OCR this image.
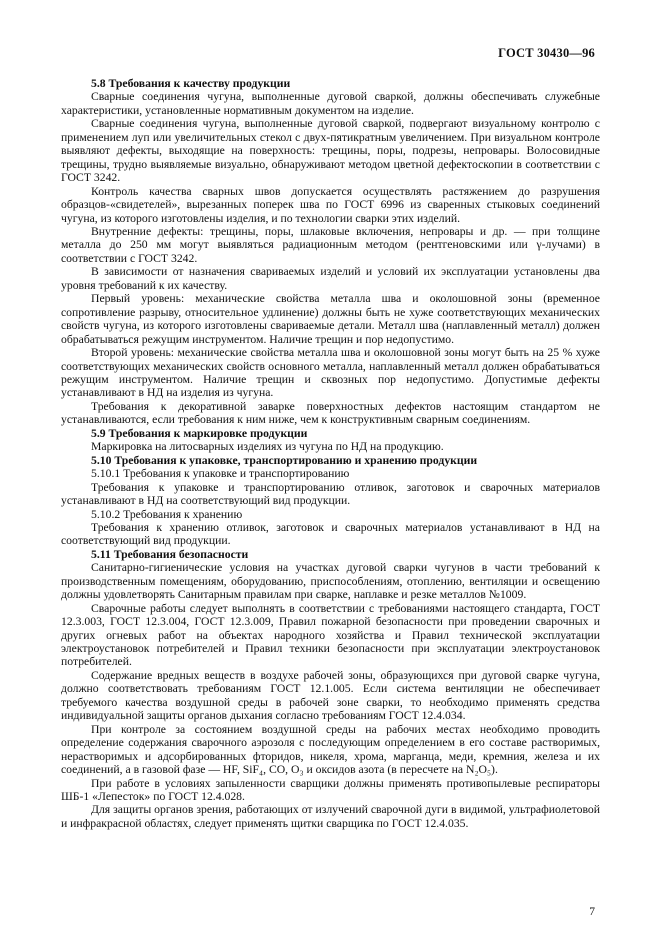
ГОСТ 30430—96

5.8 Требования к качеству продукции

Сварные соединения чугуна, выполненные дуговой сваркой, должны обеспечивать служебные характеристики, установленные нормативным документом на изделие.

Сварные соединения чугуна, выполненные дуговой сваркой, подвергают визуальному контролю с применением луп или увеличительных стекол с двух-пятикратным увеличением. При визуальном контроле выявляют дефекты, выходящие на поверхность: трещины, поры, подрезы, непровары. Волосовидные трещины, трудно выявляемые визуально, обнаруживают методом цветной дефектоскопии в соответствии с ГОСТ 3242.

Контроль качества сварных швов допускается осуществлять растяжением до разрушения образцов-«свидетелей», вырезанных поперек шва по ГОСТ 6996 из сваренных стыковых соединений чугуна, из которого изготовлены изделия, и по технологии сварки этих изделий.

Внутренние дефекты: трещины, поры, шлаковые включения, непровары и др. — при толщине металла до 250 мм могут выявляться радиационным методом (рентгеновскими или γ-лучами) в соответствии с ГОСТ 3242.

В зависимости от назначения свариваемых изделий и условий их эксплуатации установлены два уровня требований к их качеству.

Первый уровень: механические свойства металла шва и околошовной зоны (временное сопротивление разрыву, относительное удлинение) должны быть не хуже соответствующих механических свойств чугуна, из которого изготовлены свариваемые детали. Металл шва (наплавленный металл) должен обрабатываться режущим инструментом. Наличие трещин и пор недопустимо.

Второй уровень: механические свойства металла шва и околошовной зоны могут быть на 25 % хуже соответствующих механических свойств основного металла, наплавленный металл должен обрабатываться режущим инструментом. Наличие трещин и сквозных пор недопустимо. Допустимые дефекты устанавливают в НД на изделия из чугуна.

Требования к декоративной заварке поверхностных дефектов настоящим стандартом не устанавливаются, если требования к ним ниже, чем к конструктивным сварным соединениям.

5.9 Требования к маркировке продукции

Маркировка на литосварных изделиях из чугуна по НД на продукцию.

5.10 Требования к упаковке, транспортированию и хранению продукции

5.10.1 Требования к упаковке и транспортированию

Требования к упаковке и транспортированию отливок, заготовок и сварочных материалов устанавливают в НД на соответствующий вид продукции.

5.10.2 Требования к хранению

Требования к хранению отливок, заготовок и сварочных материалов устанавливают в НД на соответствующий вид продукции.

5.11 Требования безопасности

Санитарно-гигиенические условия на участках дуговой сварки чугунов в части требований к производственным помещениям, оборудованию, приспособлениям, отоплению, вентиляции и освещению должны удовлетворять Санитарным правилам при сварке, наплавке и резке металлов №1009.

Сварочные работы следует выполнять в соответствии с требованиями настоящего стандарта, ГОСТ 12.3.003, ГОСТ 12.3.004, ГОСТ 12.3.009, Правил пожарной безопасности при проведении сварочных и других огневых работ на объектах народного хозяйства и Правил технической эксплуатации электроустановок потребителей и Правил техники безопасности при эксплуатации электроустановок потребителей.

Содержание вредных веществ в воздухе рабочей зоны, образующихся при дуговой сварке чугуна, должно соответствовать требованиям ГОСТ 12.1.005. Если система вентиляции не обеспечивает требуемого качества воздушной среды в рабочей зоне сварки, то необходимо применять средства индивидуальной защиты органов дыхания согласно требованиям ГОСТ 12.4.034.

При контроле за состоянием воздушной среды на рабочих местах необходимо проводить определение содержания сварочного аэрозоля с последующим определением в его составе растворимых, нерастворимых и адсорбированных фторидов, никеля, хрома, марганца, меди, кремния, железа и их соединений, а в газовой фазе — HF, SiF₄, CO, O₃ и оксидов азота (в пересчете на N₂O₅).

При работе в условиях запыленности сварщики должны применять противопылевые респираторы ШБ-1 «Лепесток» по ГОСТ 12.4.028.

Для защиты органов зрения, работающих от излучений сварочной дуги в видимой, ультрафиолетовой и инфракрасной областях, следует применять щитки сварщика по ГОСТ 12.4.035.

7
